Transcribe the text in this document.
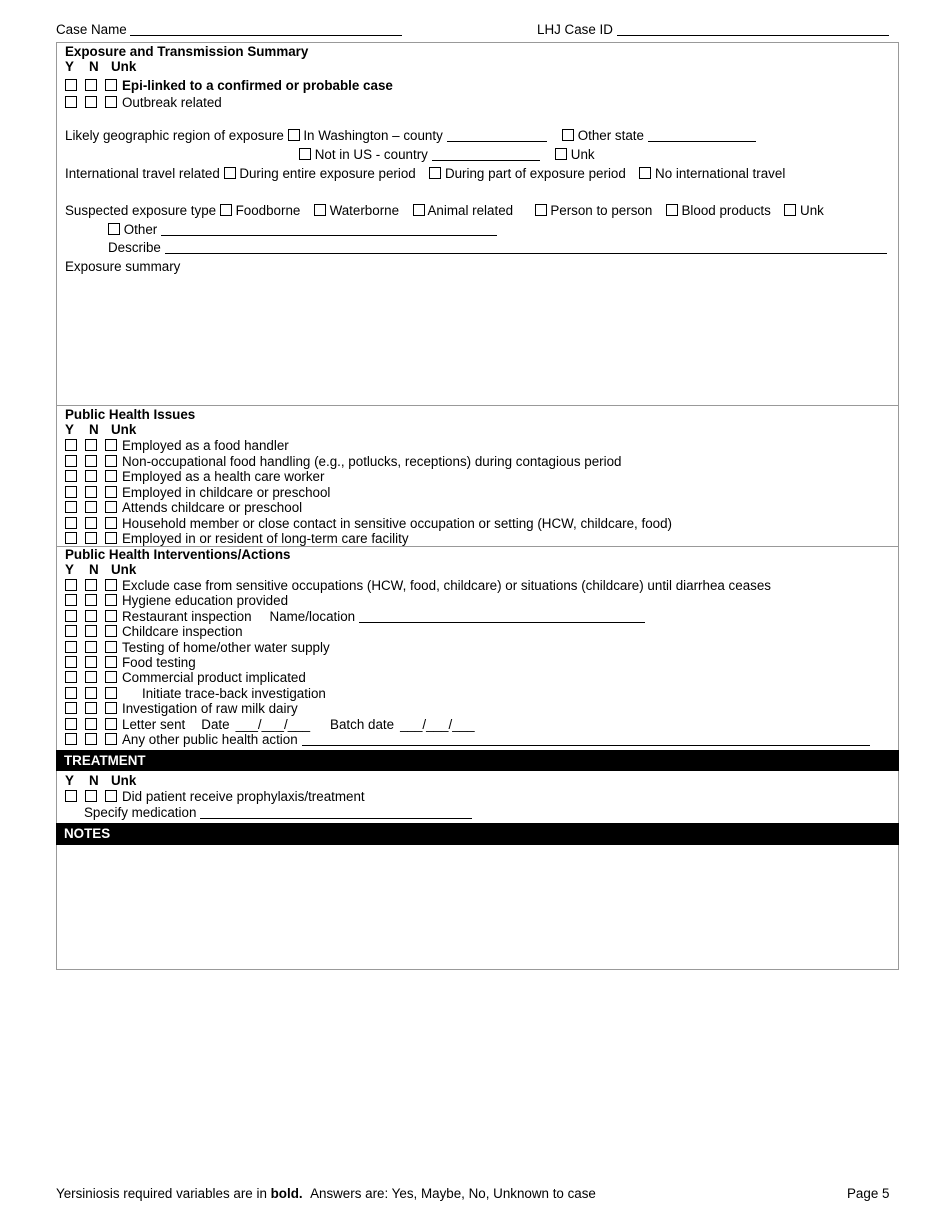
Case Name	LHJ Case ID
Exposure and Transmission Summary
Y N Unk
Epi-linked to a confirmed or probable case
Outbreak related
Likely geographic region of exposure In Washington – county	Other state
Not in US - country	Unk
International travel related During entire exposure period During part of exposure period No international travel
Suspected exposure type Foodborne Waterborne Animal related	Person to person Blood products Unk
Other
Describe
Exposure summary
Public Health Issues
Y N Unk
Employed as a food handler
Non-occupational food handling (e.g., potlucks, receptions) during contagious period
Employed as a health care worker
Employed in childcare or preschool
Attends childcare or preschool
Household member or close contact in sensitive occupation or setting (HCW, childcare, food)
Employed in or resident of long-term care facility
Public Health Interventions/Actions
Y N Unk
Exclude case from sensitive occupations (HCW, food, childcare) or situations (childcare) until diarrhea ceases
Hygiene education provided
Restaurant inspection Name/location
Childcare inspection
Testing of home/other water supply
Food testing
Commercial product implicated
Initiate trace-back investigation
Investigation of raw milk dairy
Letter sent Date ___/___/___ Batch date ___/___/___
Any other public health action
TREATMENT
Y N Unk
Did patient receive prophylaxis/treatment
Specify medication
NOTES
Yersiniosis required variables are in bold. Answers are: Yes, Maybe, No, Unknown to case	Page 5
